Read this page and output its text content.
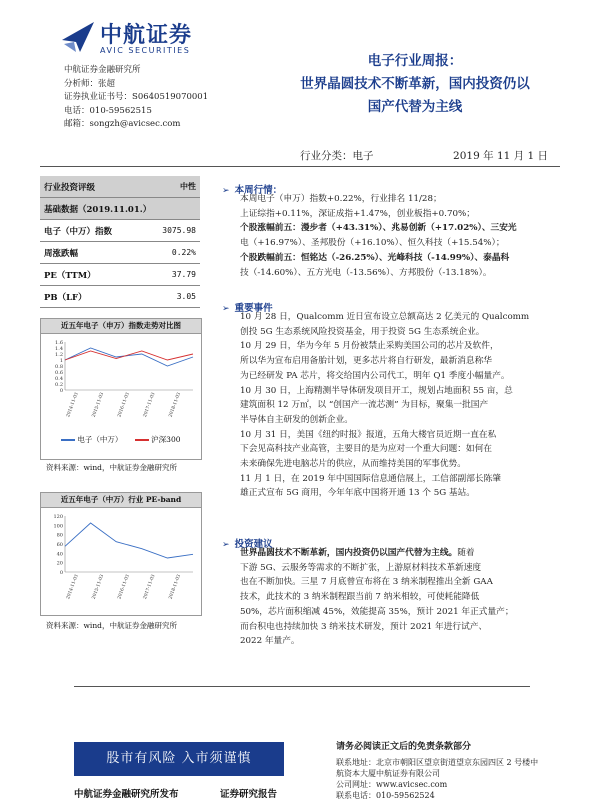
中航证券
AVIC SECURITIES
中航证券金融研究所
分析师：张超
证券执业证书号：S0640519070001
电话：010-59562515
邮箱：songzh@avicsec.com
电子行业周报：
世界晶圆技术不断革新，国内投资仍以
国产代替为主线
行业分类：电子	2019 年 11 月 1 日
行业投资评级	中性
基础数据（2019.11.01.）	
电子（中万）指数	3075.98
周涨跌幅	0.22%
PE（TTM）	37.79
PB（LF）	3.05
近五年电子（申万）指数走势对比图
1.6
1.4
1.2
1
0.8
0.6
0.4
0.2
0
2014-11-03	2015-11-03	2016-11-03	2017-11-03	2018-11-03
电子（中万）	沪深300
资料来源：wind，中航证券金融研究所
近五年电子（中万）行业 PE-band
120
100
80
60
40
20
0
2014-11-03	2015-11-03	2016-11-03	2017-11-03	2018-11-03
资料来源：wind，中航证券金融研究所
➢ 本周行情：
本周电子（申万）指数+0.22%，行业排名 11/28；
上证综指+0.11%，深证成指+1.47%，创业板指+0.70%；
个股涨幅前五：漫步者（+43.31%）、兆易创新（+17.02%）、三安光
电（+16.97%）、圣邦股份（+16.10%）、恒久科技（+15.54%）；
个股跌幅前五：恒铭达（-26.25%）、光峰科技（-14.99%）、泰晶科
技（-14.60%）、五方光电（-13.56%）、方邦股份（-13.18%）。
➢ 重要事件
10 月 28 日，Qualcomm 近日宣布设立总额高达 2 亿美元的 Qualcomm
创投 5G 生态系统风险投资基金，用于投资 5G 生态系统企业。
10 月 29 日，华为今年 5 月份被禁止采购美国公司的芯片及软件，
所以华为宣布启用备胎计划，更多芯片将自行研发，最新消息称华
为已经研发 PA 芯片，将交给国内公司代工，明年 Q1 季度小幅量产。
10 月 30 日，上海精测半导体研发项目开工，规划占地面积 55 亩，总
建筑面积 12 万㎡，以 “创国产一流芯测” 为目标，聚集一批国产
半导体自主研发的创新企业。
10 月 31 日，美国《纽约时报》报道，五角大楼官员近期一直在私
下会见高科技产业高管，主要目的是为应对一个重大问题：如何在
未来确保先进电脑芯片的供应，从而维持美国的军事优势。
11 月 1 日，在 2019 年中国国际信息通信展上，工信部副部长陈肇
雄正式宣布 5G 商用，今年年底中国将开通 13 个 5G 基站。
➢ 投资建议
世界晶圆技术不断革新，国内投资仍以国产代替为主线。随着
下游 5G、云服务等需求的不断扩张，上游原材料技术革新速度
也在不断加快。三星 7 月底曾宣布将在 3 纳米制程推出全新 GAA
技术，此技术的 3 纳米制程跟当前 7 纳米相较，可使耗能降低
50%，芯片面积缩减 45%，效能提高 35%，预计 2021 年正式量产；
而台积电也持续加快 3 纳米技术研发，预计 2021 年进行试产、
2022 年量产。
股市有风险 入市须谨慎
请务必阅读正文后的免责条款部分
联系地址：北京市朝阳区望京街道望京东园四区 2 号楼中
航资本大厦中航证券有限公司
公司网址：www.avicsec.com
联系电话：010-59562524
中航证券金融研究所发布	证券研究报告
